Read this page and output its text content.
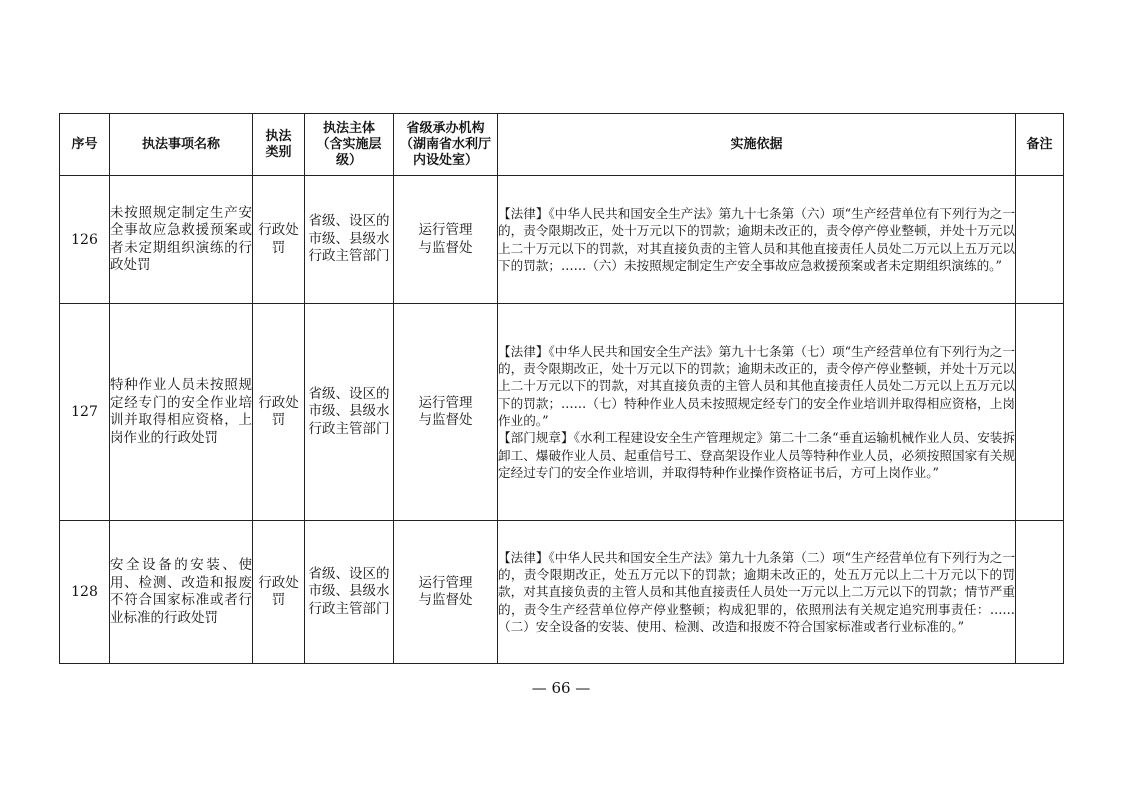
序号	执法事项名称	执法类别	执法主体（含实施层级）	省级承办机构（湖南省水利厅内设处室）	实施依据	备注
126	未按照规定制定生产安全事故应急救援预案或者未定期组织演练的行政处罚	行政处罚	省级、设区的市级、县级水行政主管部门	运行管理与监督处	【法律】《中华人民共和国安全生产法》第九十七条第（六）项“生产经营单位有下列行为之一的，责令限期改正，处十万元以下的罚款；逾期未改正的，责令停产停业整顿，并处十万元以上二十万元以下的罚款，对其直接负责的主管人员和其他直接责任人员处二万元以上五万元以下的罚款；……（六）未按照规定制定生产安全事故应急救援预案或者未定期组织演练的。”	

127	特种作业人员未按照规定经专门的安全作业培训并取得相应资格，上岗作业的行政处罚	行政处罚	省级、设区的市级、县级水行政主管部门	运行管理与监督处	【法律】《中华人民共和国安全生产法》第九十七条第（七）项“生产经营单位有下列行为之一的，责令限期改正，处十万元以下的罚款；逾期未改正的，责令停产停业整顿，并处十万元以上二十万元以下的罚款，对其直接负责的主管人员和其他直接责任人员处二万元以上五万元以下的罚款；……（七）特种作业人员未按照规定经专门的安全作业培训并取得相应资格，上岗作业的。”

【部门规章】《水利工程建设安全生产管理规定》第二十二条“垂直运输机械作业人员、安装拆卸工、爆破作业人员、起重信号工、登高架设作业人员等特种作业人员，必须按照国家有关规定经过专门的安全作业培训，并取得特种作业操作资格证书后，方可上岗作业。”	

128	安全设备的安装、使用、检测、改造和报废不符合国家标准或者行业标准的行政处罚	行政处罚	省级、设区的市级、县级水行政主管部门	运行管理与监督处	【法律】《中华人民共和国安全生产法》第九十九条第（二）项“生产经营单位有下列行为之一的，责令限期改正，处五万元以下的罚款；逾期未改正的，处五万元以上二十万元以下的罚款，对其直接负责的主管人员和其他直接责任人员处一万元以上二万元以下的罚款；情节严重的，责令生产经营单位停产停业整顿；构成犯罪的，依照刑法有关规定追究刑事责任：……（二）安全设备的安装、使用、检测、改造和报废不符合国家标准或者行业标准的。”	

— 66 —
